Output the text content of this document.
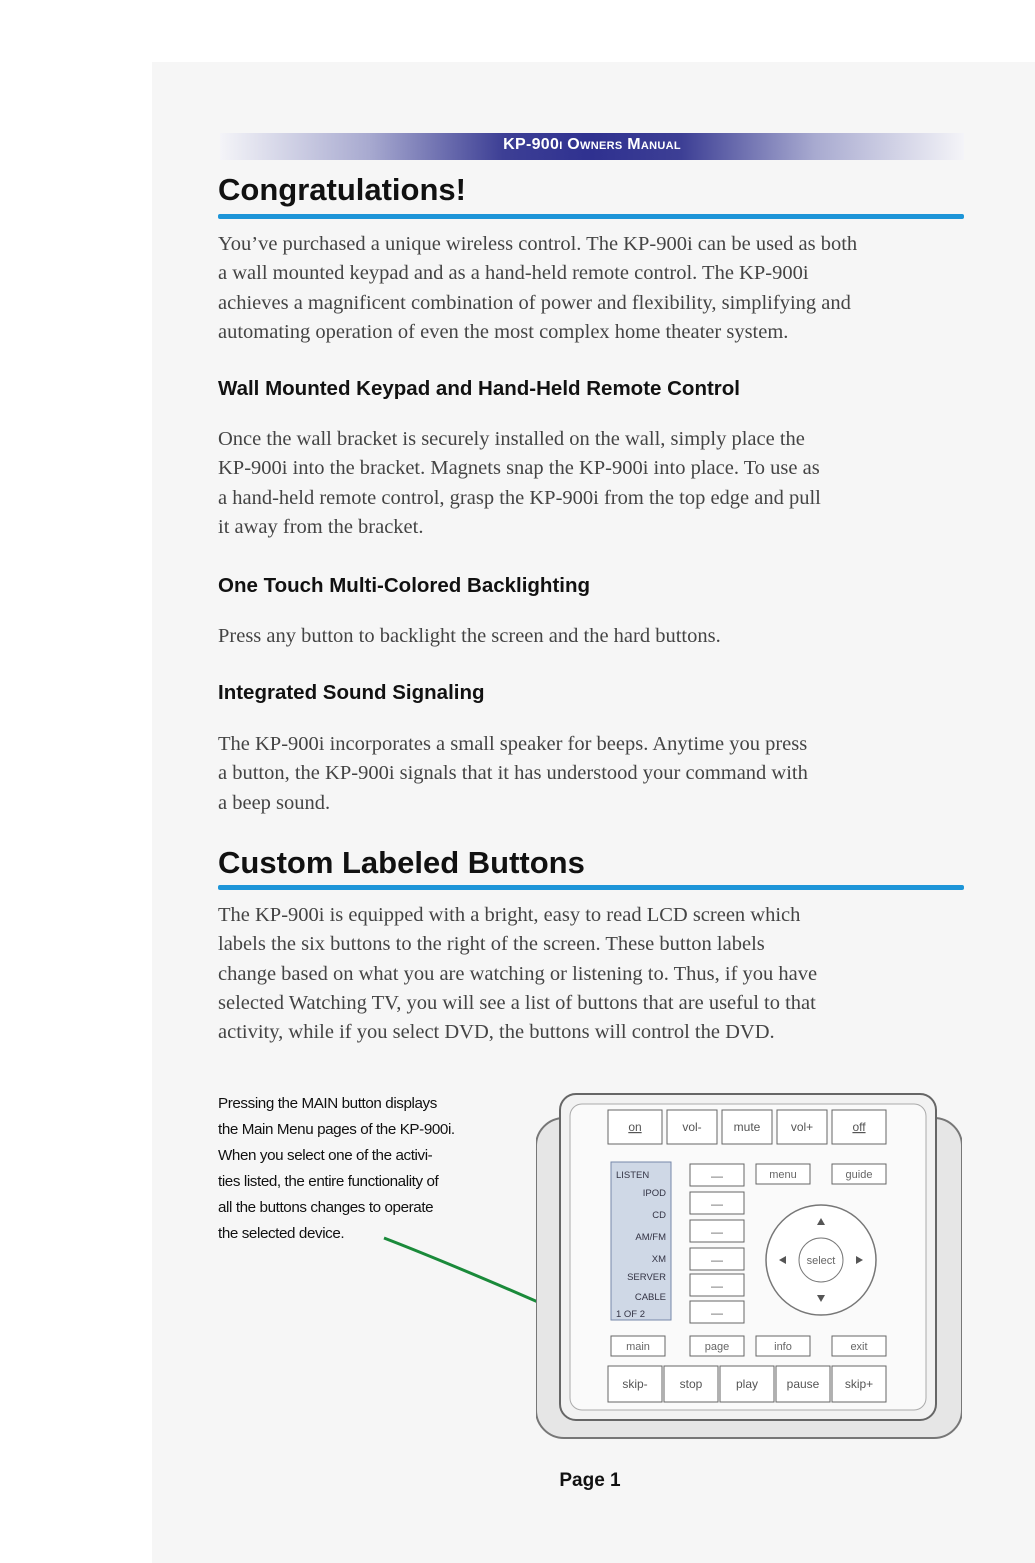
KP-900i Owners Manual
Congratulations!
You’ve purchased a unique wireless control. The KP-900i can be used as both
a wall mounted keypad and as a hand-held remote control. The KP-900i
achieves a magnificent combination of power and flexibility, simplifying and
automating operation of even the most complex home theater system.
Wall Mounted Keypad and Hand-Held Remote Control
Once the wall bracket is securely installed on the wall, simply place the
KP-900i into the bracket. Magnets snap the KP-900i into place. To use as
a hand-held remote control, grasp the KP-900i from the top edge and pull
it away from the bracket.
One Touch Multi-Colored Backlighting
Press any button to backlight the screen and the hard buttons.
Integrated Sound Signaling
The KP-900i incorporates a small speaker for beeps. Anytime you press
a button, the KP-900i signals that it has understood your command with
a beep sound.
Custom Labeled Buttons
The KP-900i is equipped with a bright, easy to read LCD screen which
labels the six buttons to the right of the screen. These button labels
change based on what you are watching or listening to. Thus, if you have
selected Watching TV, you will see a list of buttons that are useful to that
activity, while if you select DVD, the buttons will control the DVD.
Pressing the MAIN button displays
the Main Menu pages of the KP-900i.
When you select one of the activi-
ties listed, the entire functionality of
all the buttons changes to operate
the selected device.
on	vol-	mute	vol+	off
LISTEN
IPOD
CD
AM/FM
XM
SERVER
CABLE
1 OF 2
—
—
—
—
—
—
menu	guide
select
main	page	info	exit
skip-	stop	play pause skip+
Page 1
